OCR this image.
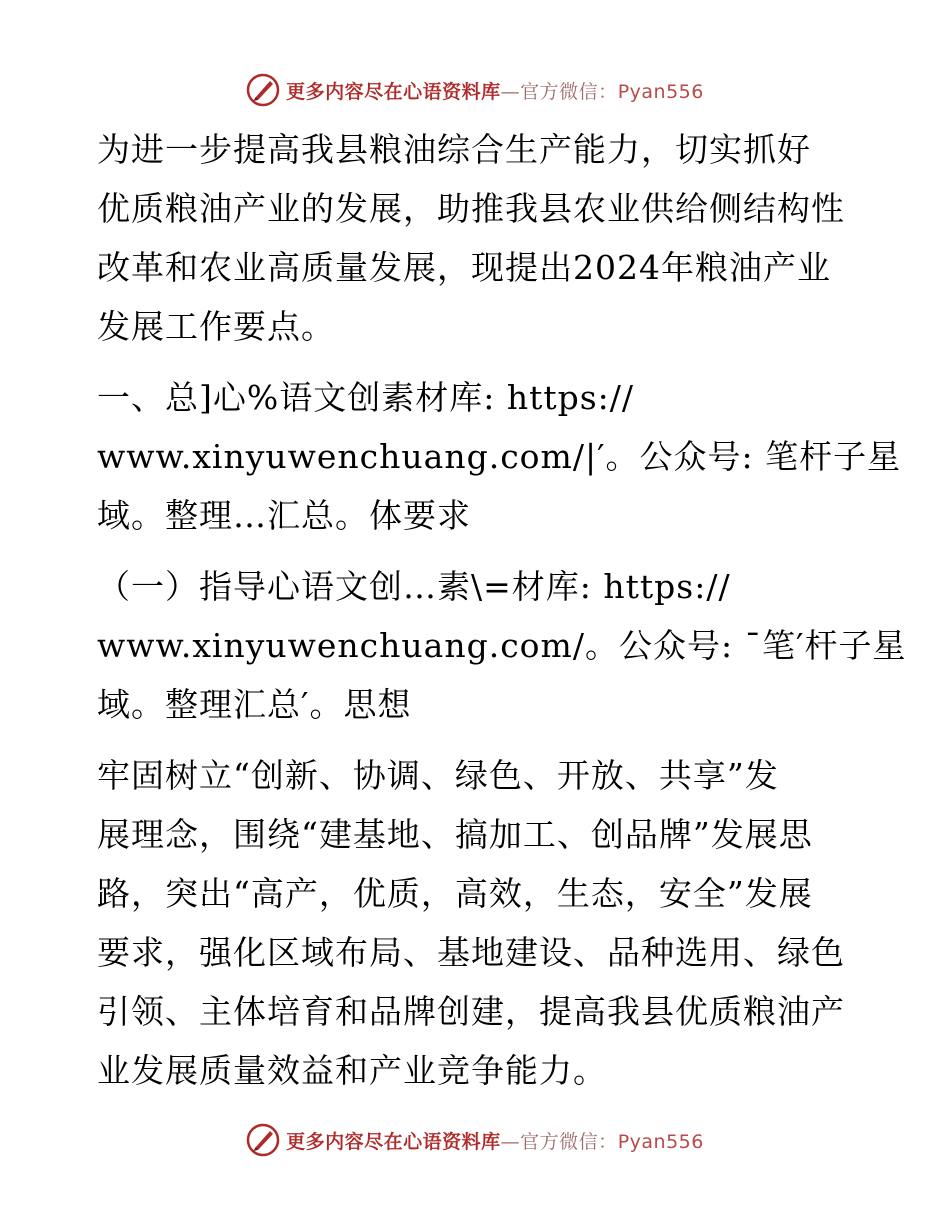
更多内容尽在心语资料库—官方微信：Pyan556
为进一步提高我县粮油综合生产能力，切实抓好
优质粮油产业的发展，助推我县农业供给侧结构性
改革和农业高质量发展，现提出2024年粮油产业
发展工作要点。
一、总]心%语文创素材库: https://
www.xinyuwenchuang.com/|′。公众号: 笔杆子星
域。整理…汇总。体要求
（一）指导心语文创…素\=材库: https://
www.xinyuwenchuang.com/。公众号: ¯笔′杆子星
域。整理汇总′。思想
牢固树立“创新、协调、绿色、开放、共享”发
展理念，围绕“建基地、搞加工、创品牌”发展思
路，突出“高产，优质，高效，生态，安全”发展
要求，强化区域布局、基地建设、品种选用、绿色
引领、主体培育和品牌创建，提高我县优质粮油产
业发展质量效益和产业竞争能力。
更多内容尽在心语资料库—官方微信：Pyan556
